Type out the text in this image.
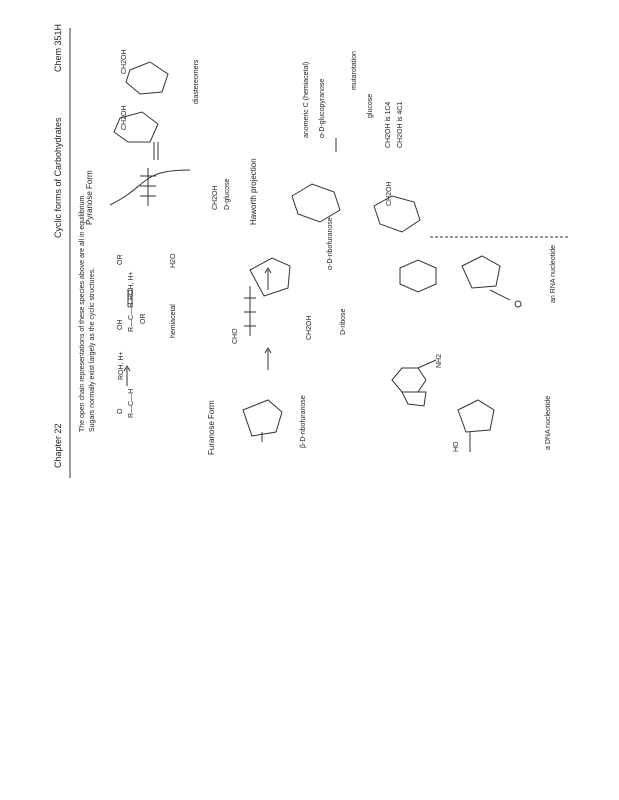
Chapter 22
Cyclic forms of Carbohydrates
Chem 351H
The open chain representations of these species above are all in equilibrium. Sugars normally exist largely as the cyclic structures.	O R—C—H
ROH, H+
OH R—C—H OR	hemiacetal
ROH, H+
OR	H2O
Furanose Form	β-D-ribofuranose
CHO	CH2OH	D-ribose
α-D-ribofuranose
Pyranose Form	CH2OH D-glucose Haworth projection
CH2OH
CH2OH	diastereomers	anomeric C (hemiacetal) α-D-glucopyranose
mutarotation
glucose CH2OH is 1C4 CH2OH is 4C1
CH2OH
NH2
HO	a DNA nucleotide
an RNA nucleotide
